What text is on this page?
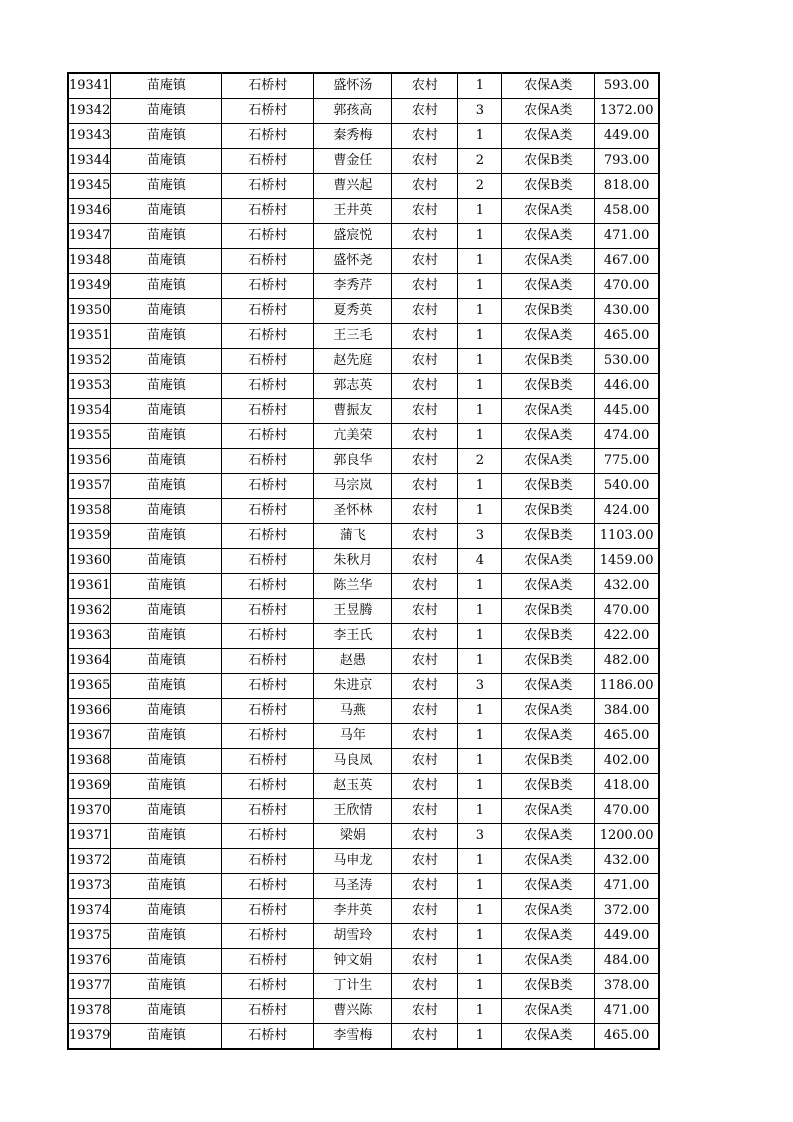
19341	苗庵镇	石桥村	盛怀汤	农村	1	农保A类	593.00
19342	苗庵镇	石桥村	郭孩高	农村	3	农保A类	1372.00
19343	苗庵镇	石桥村	秦秀梅	农村	1	农保A类	449.00
19344	苗庵镇	石桥村	曹金任	农村	2	农保B类	793.00
19345	苗庵镇	石桥村	曹兴起	农村	2	农保B类	818.00
19346	苗庵镇	石桥村	王井英	农村	1	农保A类	458.00
19347	苗庵镇	石桥村	盛宸悦	农村	1	农保A类	471.00
19348	苗庵镇	石桥村	盛怀尧	农村	1	农保A类	467.00
19349	苗庵镇	石桥村	李秀芹	农村	1	农保A类	470.00
19350	苗庵镇	石桥村	夏秀英	农村	1	农保B类	430.00
19351	苗庵镇	石桥村	王三毛	农村	1	农保A类	465.00
19352	苗庵镇	石桥村	赵先庭	农村	1	农保B类	530.00
19353	苗庵镇	石桥村	郭志英	农村	1	农保B类	446.00
19354	苗庵镇	石桥村	曹振友	农村	1	农保A类	445.00
19355	苗庵镇	石桥村	亢美荣	农村	1	农保A类	474.00
19356	苗庵镇	石桥村	郭良华	农村	2	农保A类	775.00
19357	苗庵镇	石桥村	马宗岚	农村	1	农保B类	540.00
19358	苗庵镇	石桥村	圣怀林	农村	1	农保B类	424.00
19359	苗庵镇	石桥村	蒲飞	农村	3	农保B类	1103.00
19360	苗庵镇	石桥村	朱秋月	农村	4	农保A类	1459.00
19361	苗庵镇	石桥村	陈兰华	农村	1	农保A类	432.00
19362	苗庵镇	石桥村	王昱腾	农村	1	农保B类	470.00
19363	苗庵镇	石桥村	李王氏	农村	1	农保B类	422.00
19364	苗庵镇	石桥村	赵愚	农村	1	农保B类	482.00
19365	苗庵镇	石桥村	朱进京	农村	3	农保A类	1186.00
19366	苗庵镇	石桥村	马燕	农村	1	农保A类	384.00
19367	苗庵镇	石桥村	马年	农村	1	农保A类	465.00
19368	苗庵镇	石桥村	马良凤	农村	1	农保B类	402.00
19369	苗庵镇	石桥村	赵玉英	农村	1	农保B类	418.00
19370	苗庵镇	石桥村	王欣情	农村	1	农保A类	470.00
19371	苗庵镇	石桥村	梁娟	农村	3	农保A类	1200.00
19372	苗庵镇	石桥村	马申龙	农村	1	农保A类	432.00
19373	苗庵镇	石桥村	马圣涛	农村	1	农保A类	471.00
19374	苗庵镇	石桥村	李井英	农村	1	农保A类	372.00
19375	苗庵镇	石桥村	胡雪玲	农村	1	农保A类	449.00
19376	苗庵镇	石桥村	钟文娟	农村	1	农保A类	484.00
19377	苗庵镇	石桥村	丁计生	农村	1	农保B类	378.00
19378	苗庵镇	石桥村	曹兴陈	农村	1	农保A类	471.00
19379	苗庵镇	石桥村	李雪梅	农村	1	农保A类	465.00
